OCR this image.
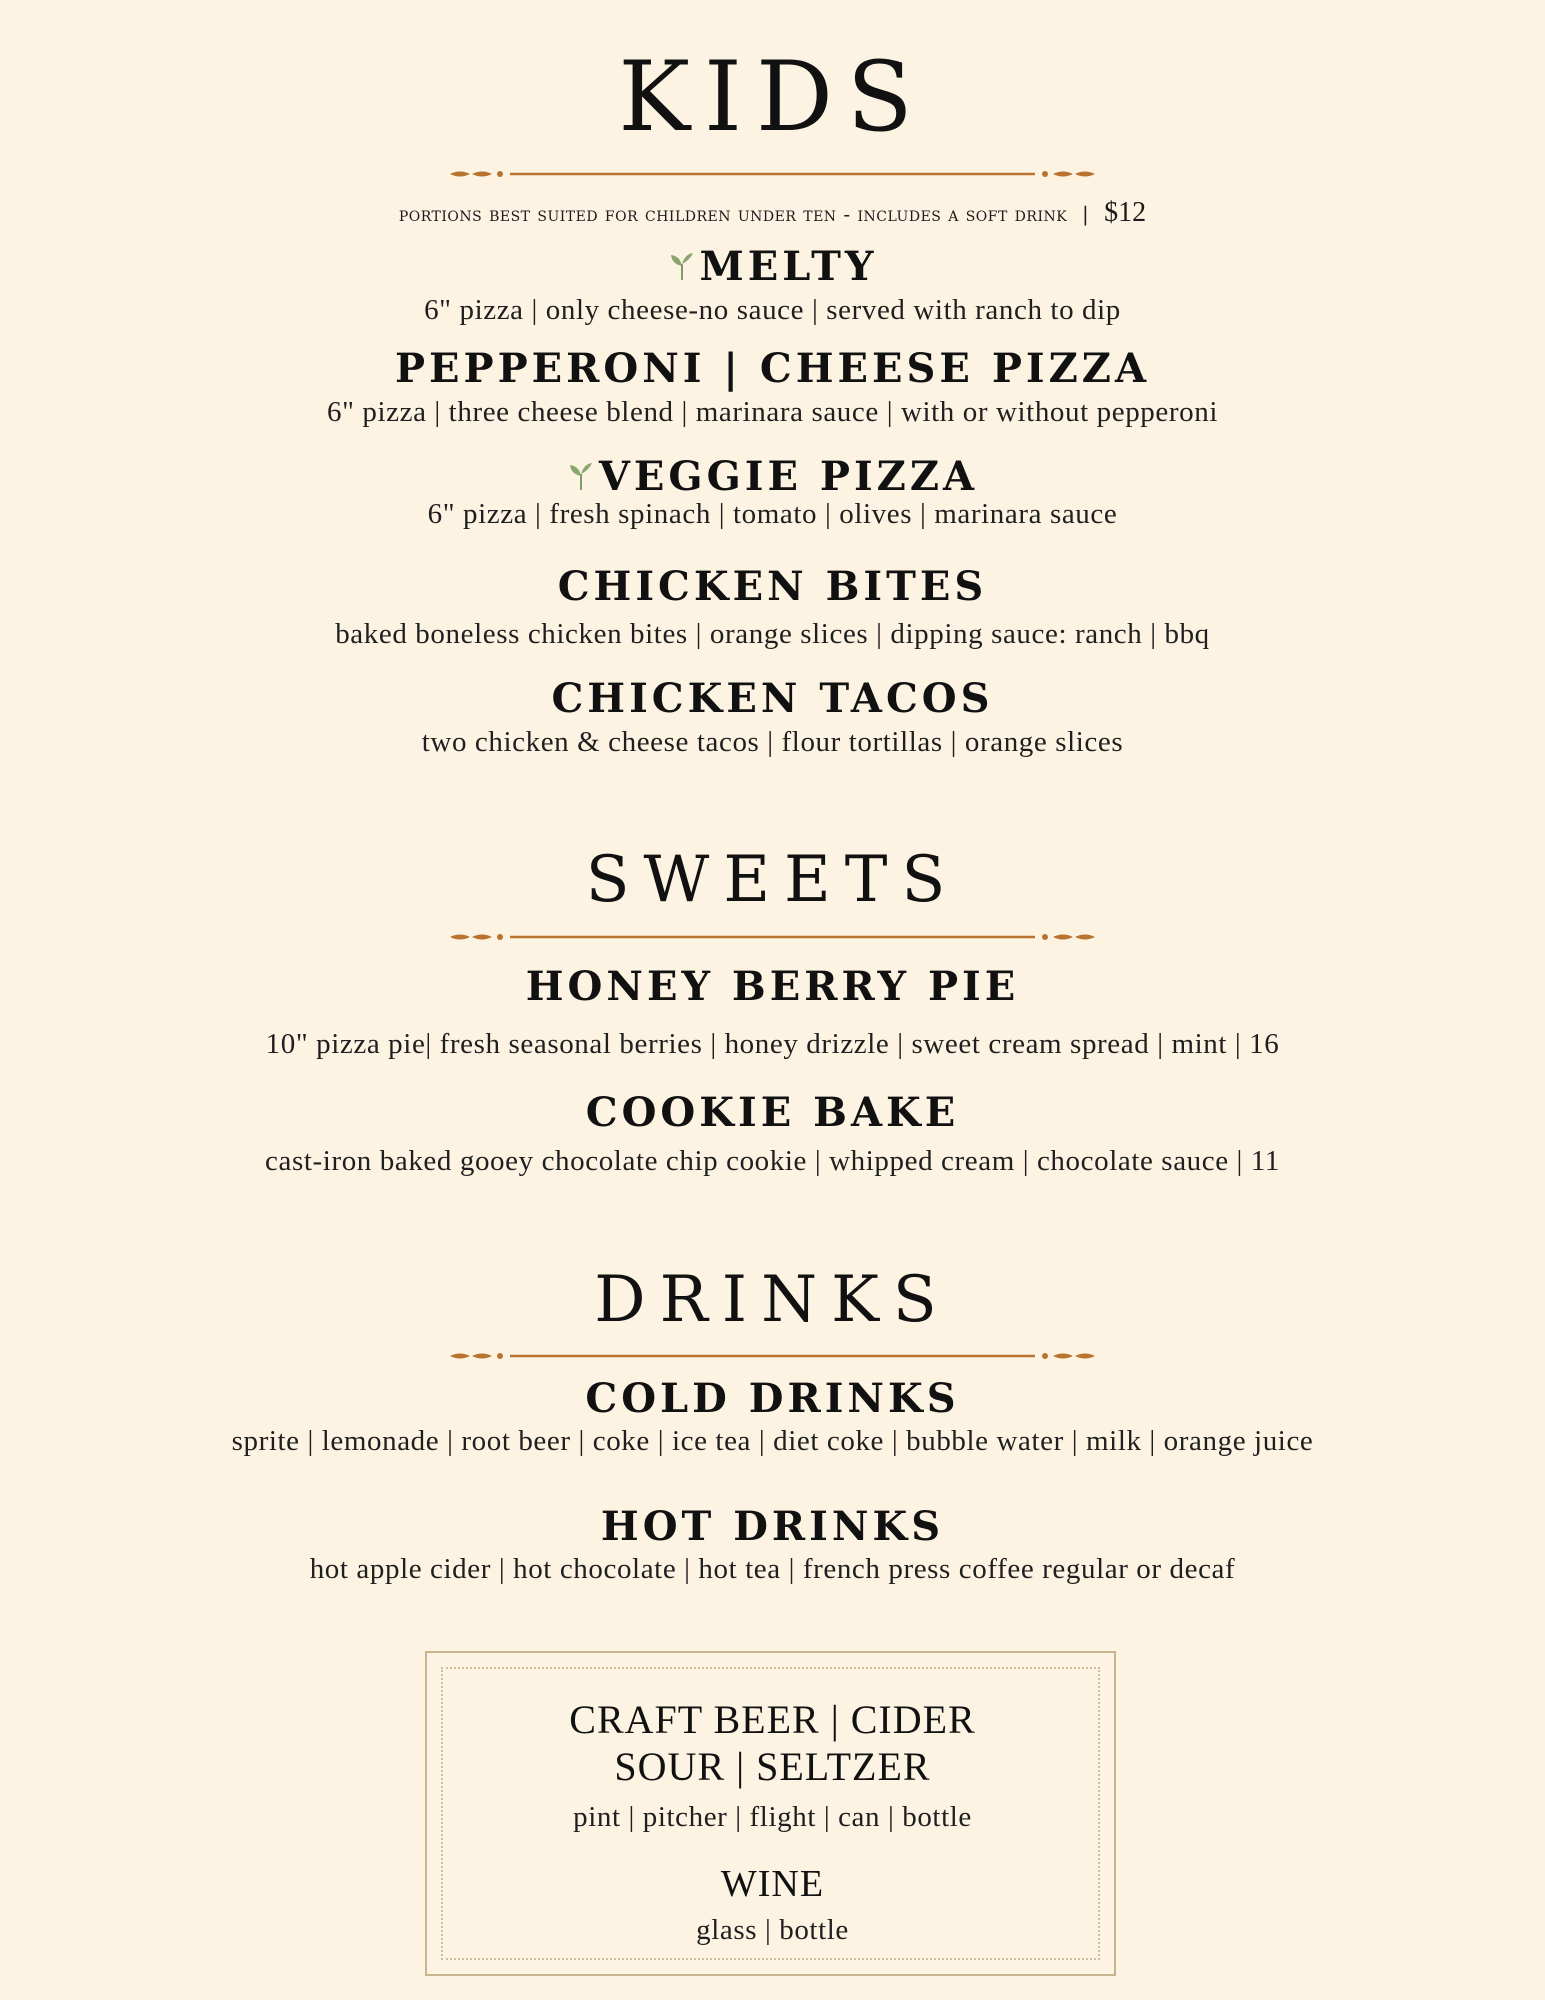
KIDS
portions best suited for children under ten - includes a soft drink | $12
MELTY
6" pizza | only cheese-no sauce | served with ranch to dip
PEPPERONI | CHEESE PIZZA
6" pizza | three cheese blend | marinara sauce | with or without pepperoni
VEGGIE PIZZA
6" pizza | fresh spinach | tomato | olives | marinara sauce
CHICKEN BITES
baked boneless chicken bites | orange slices | dipping sauce: ranch | bbq
CHICKEN TACOS
two chicken & cheese tacos | flour tortillas | orange slices
SWEETS
HONEY BERRY PIE
10" pizza pie| fresh seasonal berries | honey drizzle | sweet cream spread | mint | 16
COOKIE BAKE
cast-iron baked gooey chocolate chip cookie | whipped cream | chocolate sauce | 11
DRINKS
COLD DRINKS
sprite | lemonade | root beer | coke | ice tea | diet coke | bubble water | milk | orange juice
HOT DRINKS
hot apple cider | hot chocolate | hot tea | french press coffee regular or decaf
CRAFT BEER | CIDER
SOUR | SELTZER
pint | pitcher | flight | can | bottle
WINE
glass | bottle
